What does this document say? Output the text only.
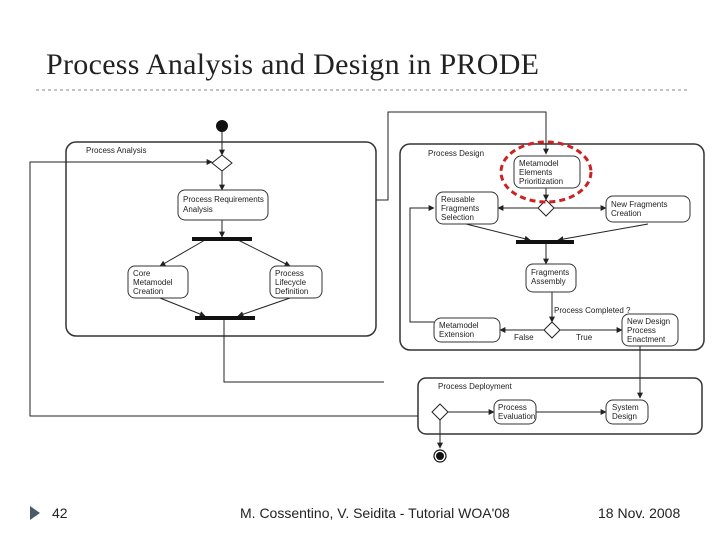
Process Analysis and Design in PRODE
Process Analysis	Process Design
Process Deployment
Process Requirements
Analysis
Core
Metamodel
Creation
Process
Lifecycle
Definition
Metamodel
Elements
Prioritization
Reusable
Fragments
Selection
New Fragments
Creation
Fragments
Assembly
Metamodel
Extension
New Design
Process
Enactment
Process
Evaluation
System
Design
Process Completed ?
False	True
42	M. Cossentino, V. Seidita - Tutorial WOA'08	18 Nov. 2008
